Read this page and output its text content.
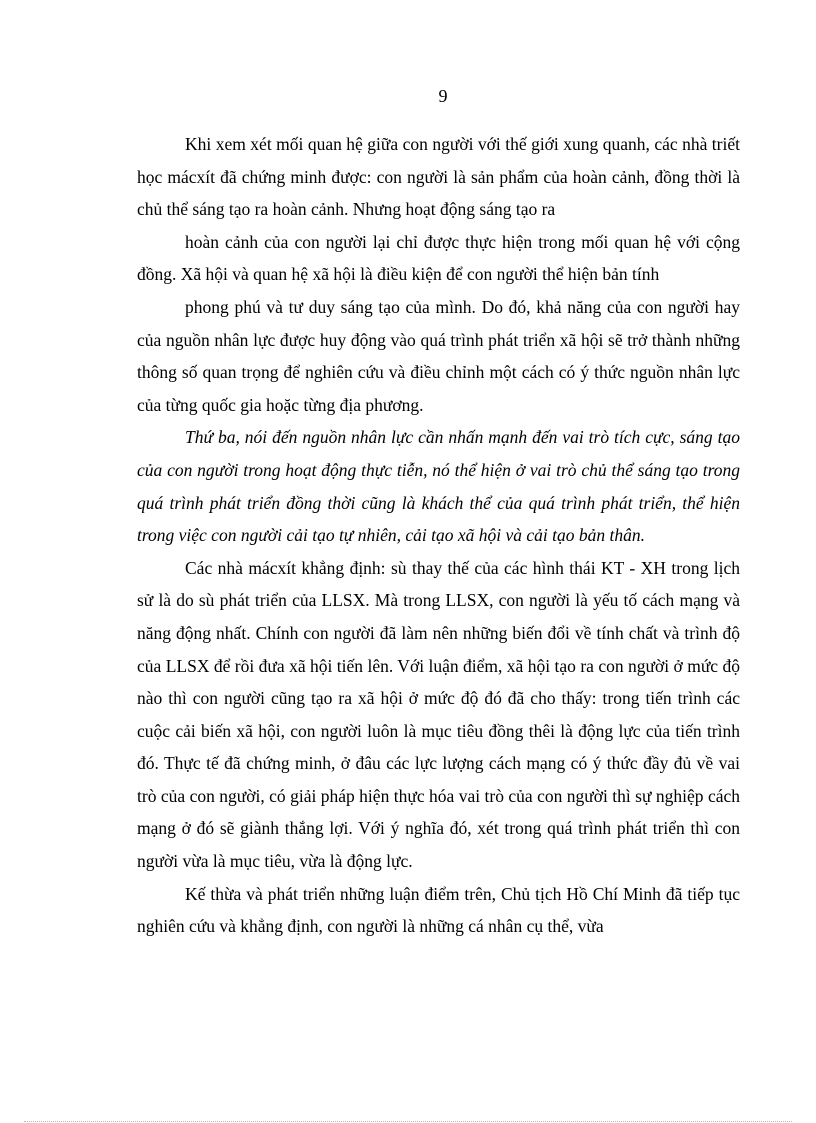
9

Khi xem xét mối quan hệ giữa con người với thế giới xung quanh, các nhà triết học mácxít đã chứng minh được: con người là sản phẩm của hoàn cảnh, đồng thời là chủ thể sáng tạo ra hoàn cảnh. Nhưng hoạt động sáng tạo ra

hoàn cảnh của con người lại chỉ được thực hiện trong mối quan hệ với cộng đồng. Xã hội và quan hệ xã hội là điều kiện để con người thể hiện bản tính

phong phú và tư duy sáng tạo của mình. Do đó, khả năng của con người hay của nguồn nhân lực được huy động vào quá trình phát triển xã hội sẽ trở thành những thông số quan trọng để nghiên cứu và điều chỉnh một cách có ý thức nguồn nhân lực của từng quốc gia hoặc từng địa phương.

Thứ ba, nói đến nguồn nhân lực cần nhấn mạnh đến vai trò tích cực, sáng tạo của con người trong hoạt động thực tiễn, nó thể hiện ở vai trò chủ thể sáng tạo trong quá trình phát triển đồng thời cũng là khách thể của quá trình phát triển, thể hiện trong việc con người cải tạo tự nhiên, cải tạo xã hội và cải tạo bản thân.

Các nhà mácxít khẳng định: sù thay thế của các hình thái KT - XH trong lịch sử là do sù phát triển của LLSX. Mà trong LLSX, con người là yếu tố cách mạng và năng động nhất. Chính con người đã làm nên những biến đổi về tính chất và trình độ của LLSX để rồi đưa xã hội tiến lên. Với luận điểm, xã hội tạo ra con người ở mức độ nào thì con người cũng tạo ra xã hội ở mức độ đó đã cho thấy: trong tiến trình các cuộc cải biến xã hội, con người luôn là mục tiêu đồng thêi là động lực của tiến trình đó. Thực tế đã chứng minh, ở đâu các lực lượng cách mạng có ý thức đầy đủ về vai trò của con người, có giải pháp hiện thực hóa vai trò của con người thì sự nghiệp cách mạng ở đó sẽ giành thắng lợi. Với ý nghĩa đó, xét trong quá trình phát triển thì con người vừa là mục tiêu, vừa là động lực.

Kế thừa và phát triển những luận điểm trên, Chủ tịch Hồ Chí Minh đã tiếp tục nghiên cứu và khẳng định, con người là những cá nhân cụ thể, vừa
